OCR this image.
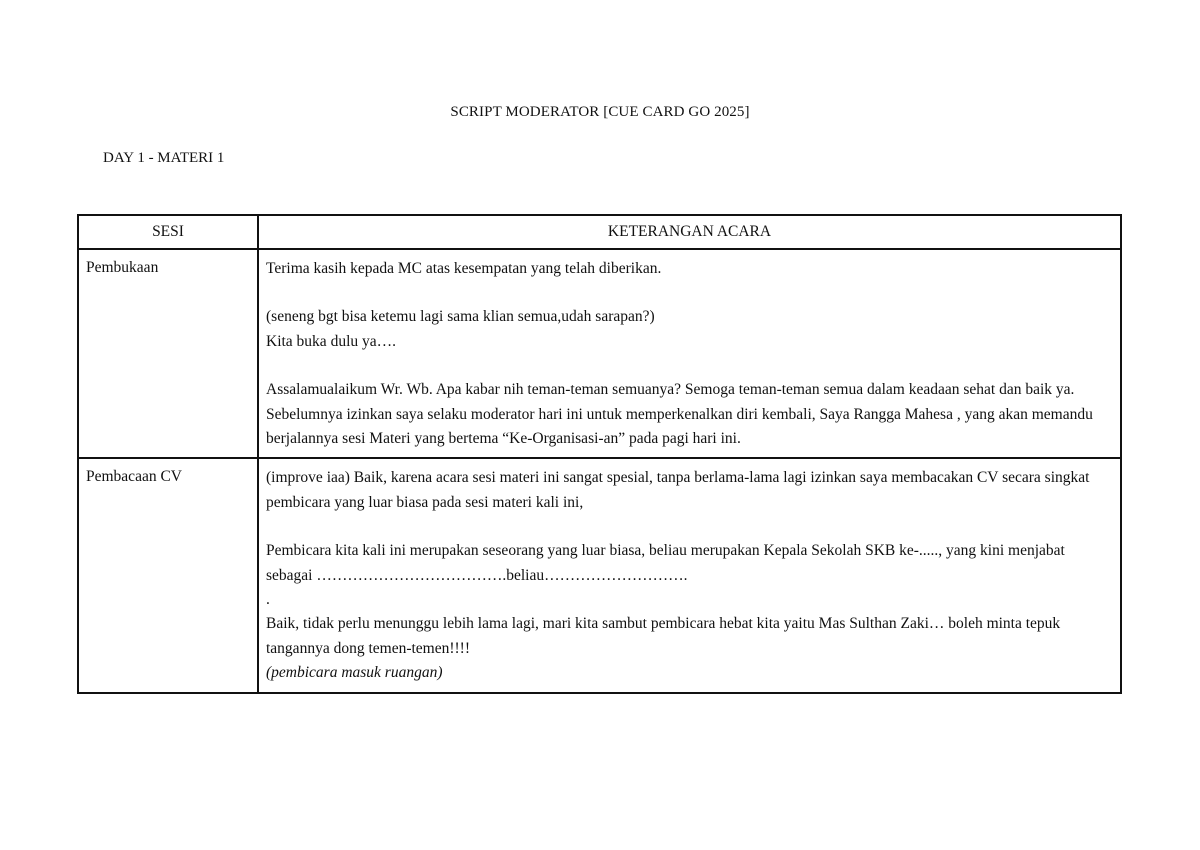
SCRIPT MODERATOR [CUE CARD GO 2025]
DAY 1 - MATERI 1
SESI	KETERANGAN ACARA
Pembukaan	Terima kasih kepada MC atas kesempatan yang telah diberikan.

(seneng bgt bisa ketemu lagi sama klian semua,udah sarapan?)

Kita buka dulu ya….

Assalamualaikum Wr. Wb. Apa kabar nih teman-teman semuanya? Semoga teman-teman semua dalam keadaan sehat dan baik ya. Sebelumnya izinkan saya selaku moderator hari ini untuk memperkenalkan diri kembali, Saya Rangga Mahesa , yang akan memandu berjalannya sesi Materi yang bertema “Ke-Organisasi-an” pada pagi hari ini.

Pembacaan CV	(improve iaa) Baik, karena acara sesi materi ini sangat spesial, tanpa berlama-lama lagi izinkan saya membacakan CV secara singkat pembicara yang luar biasa pada sesi materi kali ini,

Pembicara kita kali ini merupakan seseorang yang luar biasa, beliau merupakan Kepala Sekolah SKB ke-....., yang kini menjabat sebagai ……………………………….beliau……………………….

.

Baik, tidak perlu menunggu lebih lama lagi, mari kita sambut pembicara hebat kita yaitu Mas Sulthan Zaki… boleh minta tepuk tangannya dong temen-temen!!!!

(pembicara masuk ruangan)
